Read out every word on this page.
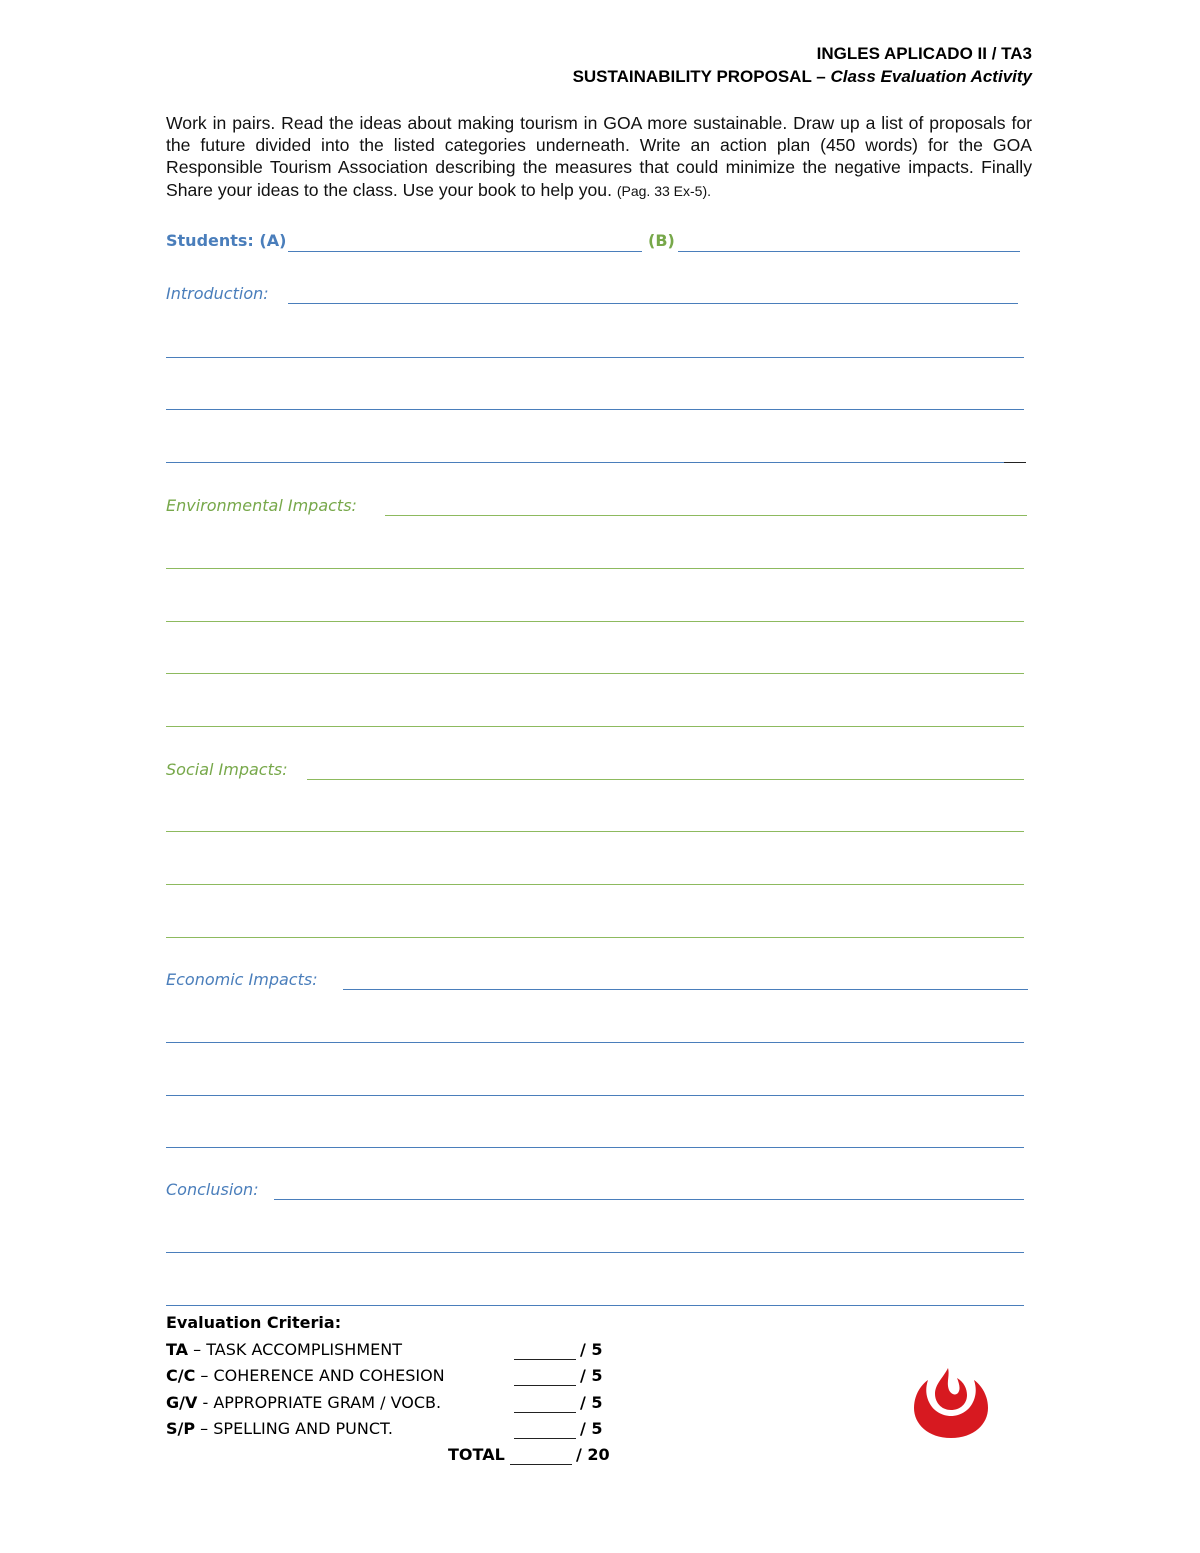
INGLES APLICADO II / TA3
SUSTAINABILITY PROPOSAL – Class Evaluation Activity
Work in pairs. Read the ideas about making tourism in GOA more sustainable. Draw up a list of proposals for the future divided into the listed categories underneath. Write an action plan (450 words) for the GOA Responsible Tourism Association describing the measures that could minimize the negative impacts. Finally Share your ideas to the class. Use your book to help you. (Pag. 33 Ex-5).
Students: (A)	(B)
Introduction:
Environmental Impacts:
Social Impacts:
Economic Impacts:
Conclusion:
Evaluation Criteria:
TA – TASK ACCOMPLISHMENT	/ 5
C/C – COHERENCE AND COHESION	/ 5
G/V - APPROPRIATE GRAM / VOCB.	/ 5
S/P – SPELLING AND PUNCT.	/ 5
TOTAL	/ 20
